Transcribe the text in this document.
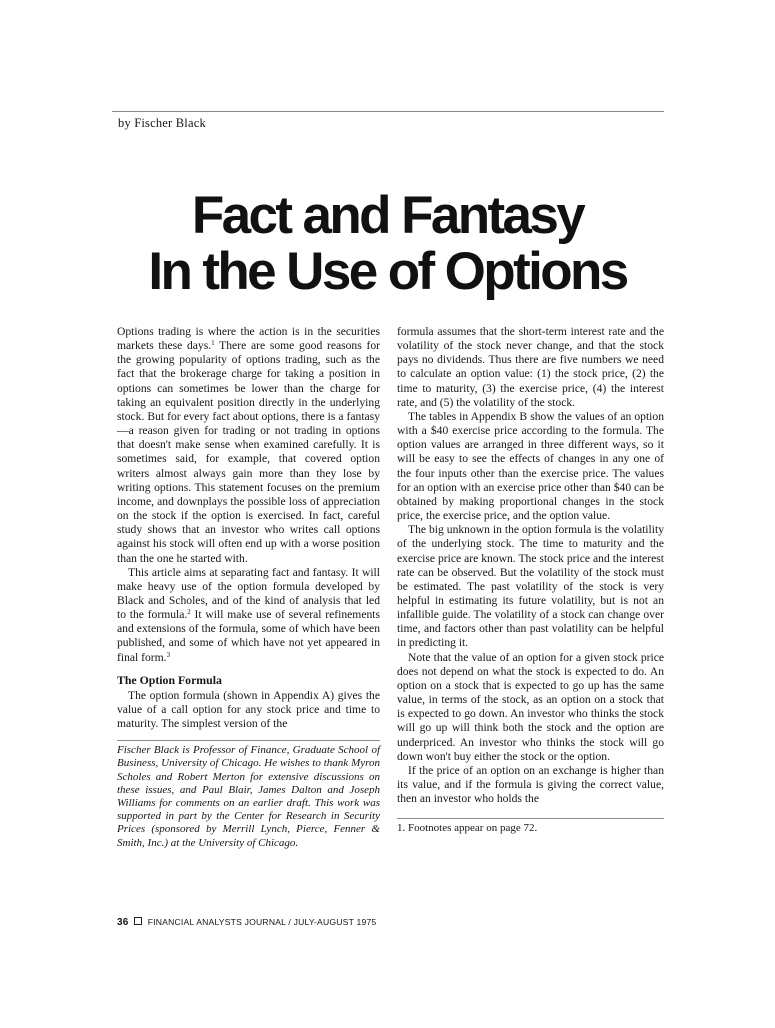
by Fischer Black
Fact and Fantasy
In the Use of Options

Options trading is where the action is in the securities markets these days.$^1$ There are some good reasons for the growing popularity of options trading, such as the fact that the brokerage charge for taking a position in options can sometimes be lower than the charge for taking an equivalent position directly in the underlying stock. But for every fact about options, there is a fantasy—a reason given for trading or not trading in options that doesn't make sense when examined carefully. It is sometimes said, for example, that covered option writers almost always gain more than they lose by writing options. This statement focuses on the premium income, and downplays the possible loss of appreciation on the stock if the option is exercised. In fact, careful study shows that an investor who writes call options against his stock will often end up with a worse position than the one he started with.

This article aims at separating fact and fantasy. It will make heavy use of the option formula developed by Black and Scholes, and of the kind of analysis that led to the formula.$^2$ It will make use of several refinements and extensions of the formula, some of which have been published, and some of which have not yet appeared in final form.$^3$

The Option Formula

The option formula (shown in Appendix A) gives the value of a call option for any stock price and time to maturity. The simplest version of the

Fischer Black is Professor of Finance, Graduate School of Business, University of Chicago. He wishes to thank Myron Scholes and Robert Merton for extensive discussions on these issues, and Paul Blair, James Dalton and Joseph Williams for comments on an earlier draft. This work was supported in part by the Center for Research in Security Prices (sponsored by Merrill Lynch, Pierce, Fenner & Smith, Inc.) at the University of Chicago.

formula assumes that the short-term interest rate and the volatility of the stock never change, and that the stock pays no dividends. Thus there are five numbers we need to calculate an option value: (1) the stock price, (2) the time to maturity, (3) the exercise price, (4) the interest rate, and (5) the volatility of the stock.

The tables in Appendix B show the values of an option with a $40 exercise price according to the formula. The option values are arranged in three different ways, so it will be easy to see the effects of changes in any one of the four inputs other than the exercise price. The values for an option with an exercise price other than $40 can be obtained by making proportional changes in the stock price, the exercise price, and the option value.

The big unknown in the option formula is the volatility of the underlying stock. The time to maturity and the exercise price are known. The stock price and the interest rate can be observed. But the volatility of the stock must be estimated. The past volatility of the stock is very helpful in estimating its future volatility, but is not an infallible guide. The volatility of a stock can change over time, and factors other than past volatility can be helpful in predicting it.

Note that the value of an option for a given stock price does not depend on what the stock is expected to do. An option on a stock that is expected to go up has the same value, in terms of the stock, as an option on a stock that is expected to go down. An investor who thinks the stock will go up will think both the stock and the option are underpriced. An investor who thinks the stock will go down won't buy either the stock or the option.

If the price of an option on an exchange is higher than its value, and if the formula is giving the correct value, then an investor who holds the

1. Footnotes appear on page 72.
36 FINANCIAL ANALYSTS JOURNAL / JULY-AUGUST 1975
